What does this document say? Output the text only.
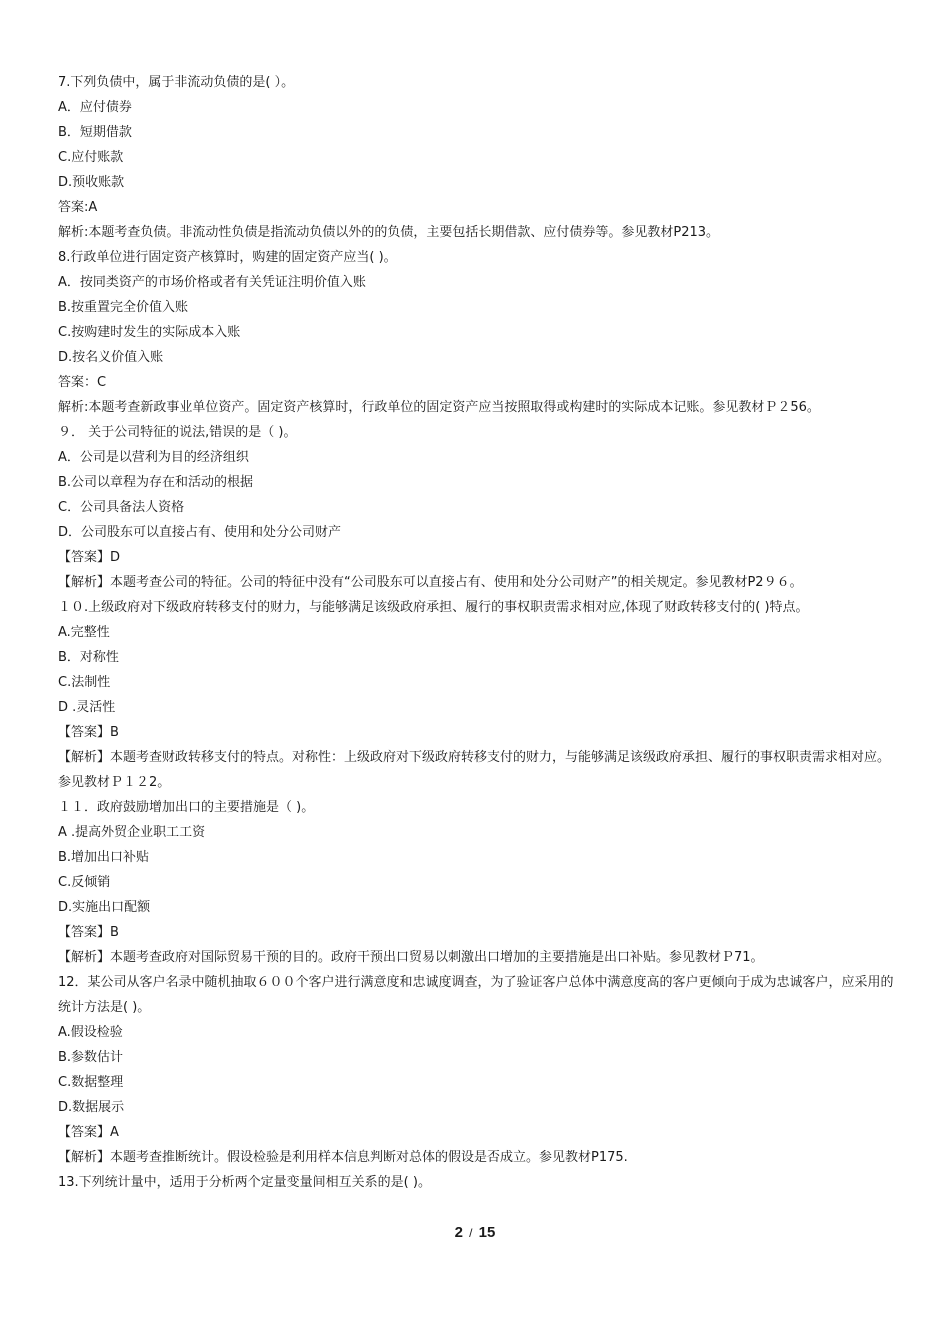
7.下列负债中，属于非流动负债的是( ）。
A．应付债券
B．短期借款
C.应付账款
D.预收账款
答案:A
解析:本题考查负债。非流动性负债是指流动负债以外的的负债，主要包括长期借款、应付债券等。参见教材P213。
8.行政单位进行固定资产核算时，购建的固定资产应当( )。
A．按同类资产的市场价格或者有关凭证注明价值入账
B.按重置完全价值入账
C.按购建时发生的实际成本入账
D.按名义价值入账
答案：C
解析:本题考查新政事业单位资产。固定资产核算时，行政单位的固定资产应当按照取得或构建时的实际成本记账。参见教材Ｐ２56。
９． 关于公司特征的说法,错误的是（ )。
A．公司是以营利为目的经济组织
B.公司以章程为存在和活动的根据
C．公司具备法人资格
D．公司股东可以直接占有、使用和处分公司财产
【答案】D
【解析】本题考查公司的特征。公司的特征中没有“公司股东可以直接占有、使用和处分公司财产”的相关规定。参见教材P2９６。
１０.上级政府对下级政府转移支付的财力，与能够满足该级政府承担、履行的事权职责需求相对应,体现了财政转移支付的( )特点。
A.完整性
B．对称性
C.法制性
D .灵活性
【答案】B
【解析】本题考查财政转移支付的特点。对称性：上级政府对下级政府转移支付的财力，与能够满足该级政府承担、履行的事权职责需求相对应。参见教材Ｐ１２2。
１１．政府鼓励增加出口的主要措施是（ )。
A .提高外贸企业职工工资
B.增加出口补贴
C.反倾销
D.实施出口配额
【答案】B
【解析】本题考查政府对国际贸易干预的目的。政府干预出口贸易以刺激出口增加的主要措施是出口补贴。参见教材Ｐ71。
12．某公司从客户名录中随机抽取６００个客户进行满意度和忠诚度调查，为了验证客户总体中满意度高的客户更倾向于成为忠诚客户，应采用的统计方法是( )。
A.假设检验
B.参数估计
C.数据整理
D.数据展示
【答案】A
【解析】本题考查推断统计。假设检验是利用样本信息判断对总体的假设是否成立。参见教材P175.
13.下列统计量中，适用于分析两个定量变量间相互关系的是( )。
2 / 15
